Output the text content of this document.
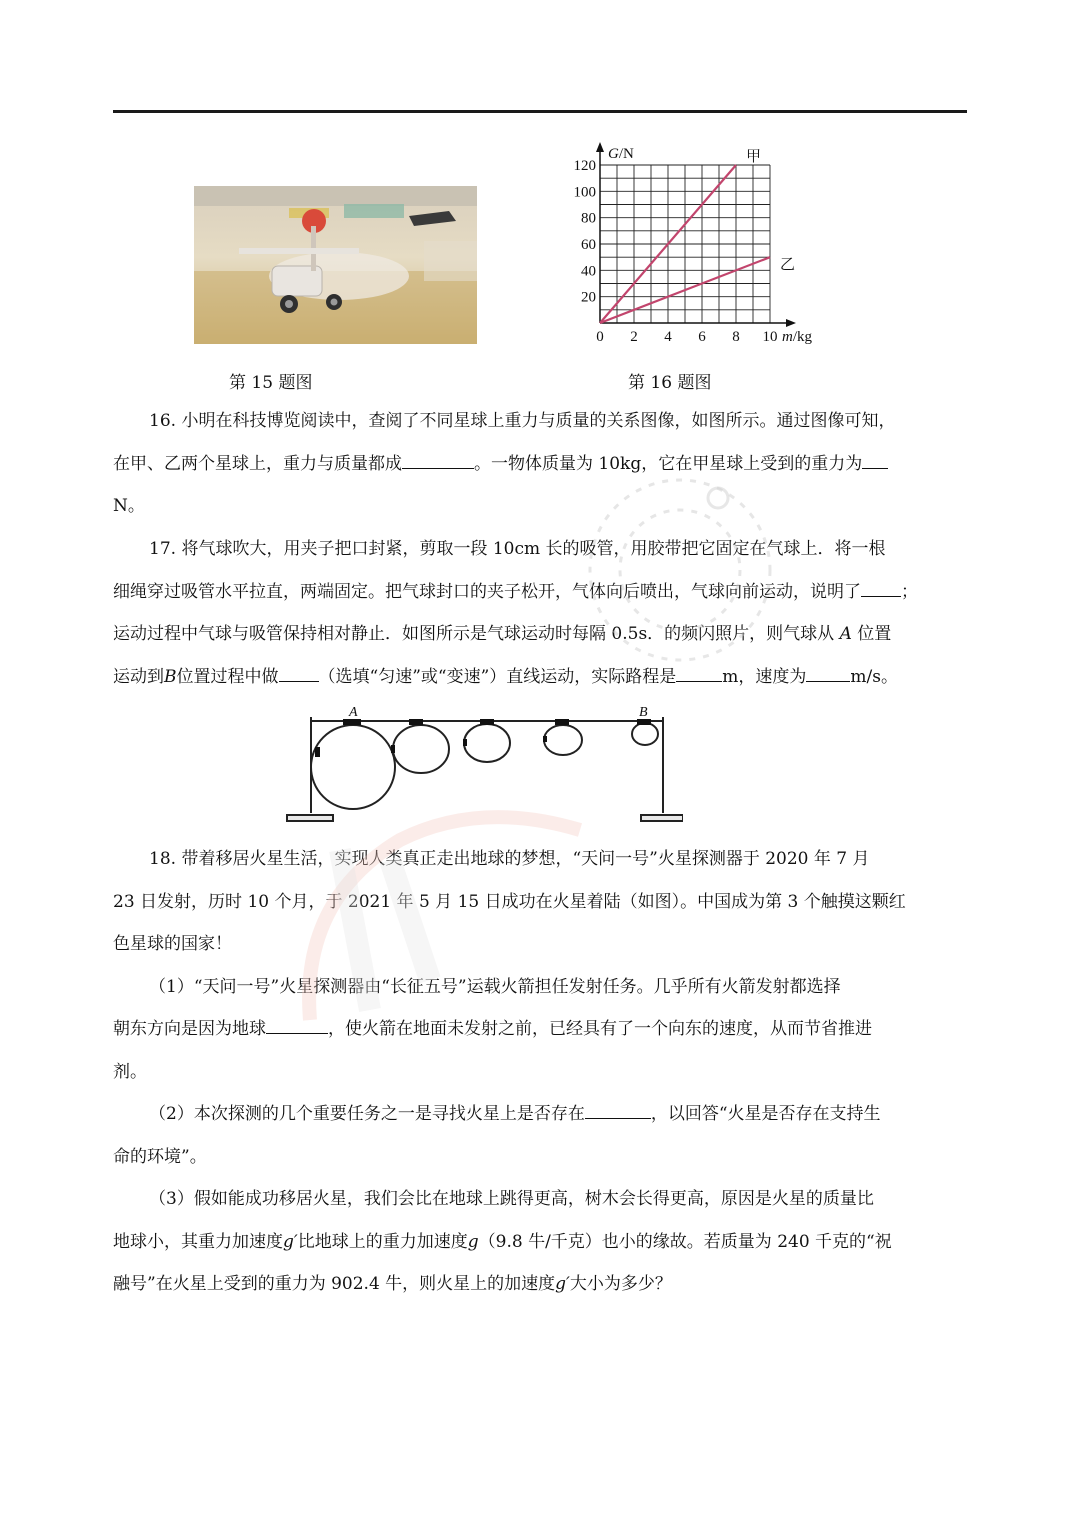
第 15 题图
甲
乙
0 2 4 6 8 10
20
40
60
80
100
120
G/N
m/kg
第 16 题图
16. 小明在科技博览阅读中，查阅了不同星球上重力与质量的关系图像，如图所示。通过图像可知，
在甲、乙两个星球上，重力与质量都成	。一物体质量为 10kg，它在甲星球上受到的重力为
N。
17. 将气球吹大，用夹子把口封紧，剪取一段 10cm 长的吸管，用胶带把它固定在气球上．将一根
细绳穿过吸管水平拉直，两端固定。把气球封口的夹子松开，气体向后喷出，气球向前运动，说明了 ；
运动过程中气球与吸管保持相对静止．如图所示是气球运动时每隔 0.5s．的频闪照片，则气球从 A 位置
运动到B位置过程中做 （选填“匀速”或“变速”）直线运动，实际路程是	m，速度为	m/s。
A	B
18. 带着移居火星生活，实现人类真正走出地球的梦想，“天问一号”火星探测器于 2020 年 7 月
23 日发射，历时 10 个月，于 2021 年 5 月 15 日成功在火星着陆（如图）。中国成为第 3 个触摸这颗红
色星球的国家！
（1）“天问一号”火星探测器由“长征五号”运载火箭担任发射任务。几乎所有火箭发射都选择
朝东方向是因为地球	，使火箭在地面未发射之前，已经具有了一个向东的速度，从而节省推进
剂。
（2）本次探测的几个重要任务之一是寻找火星上是否存在	，以回答“火星是否存在支持生
命的环境”。
（3）假如能成功移居火星，我们会比在地球上跳得更高，树木会长得更高，原因是火星的质量比
地球小，其重力加速度g′比地球上的重力加速度g（9.8 牛/千克）也小的缘故。若质量为 240 千克的“祝
融号”在火星上受到的重力为 902.4 牛，则火星上的加速度g′大小为多少？
